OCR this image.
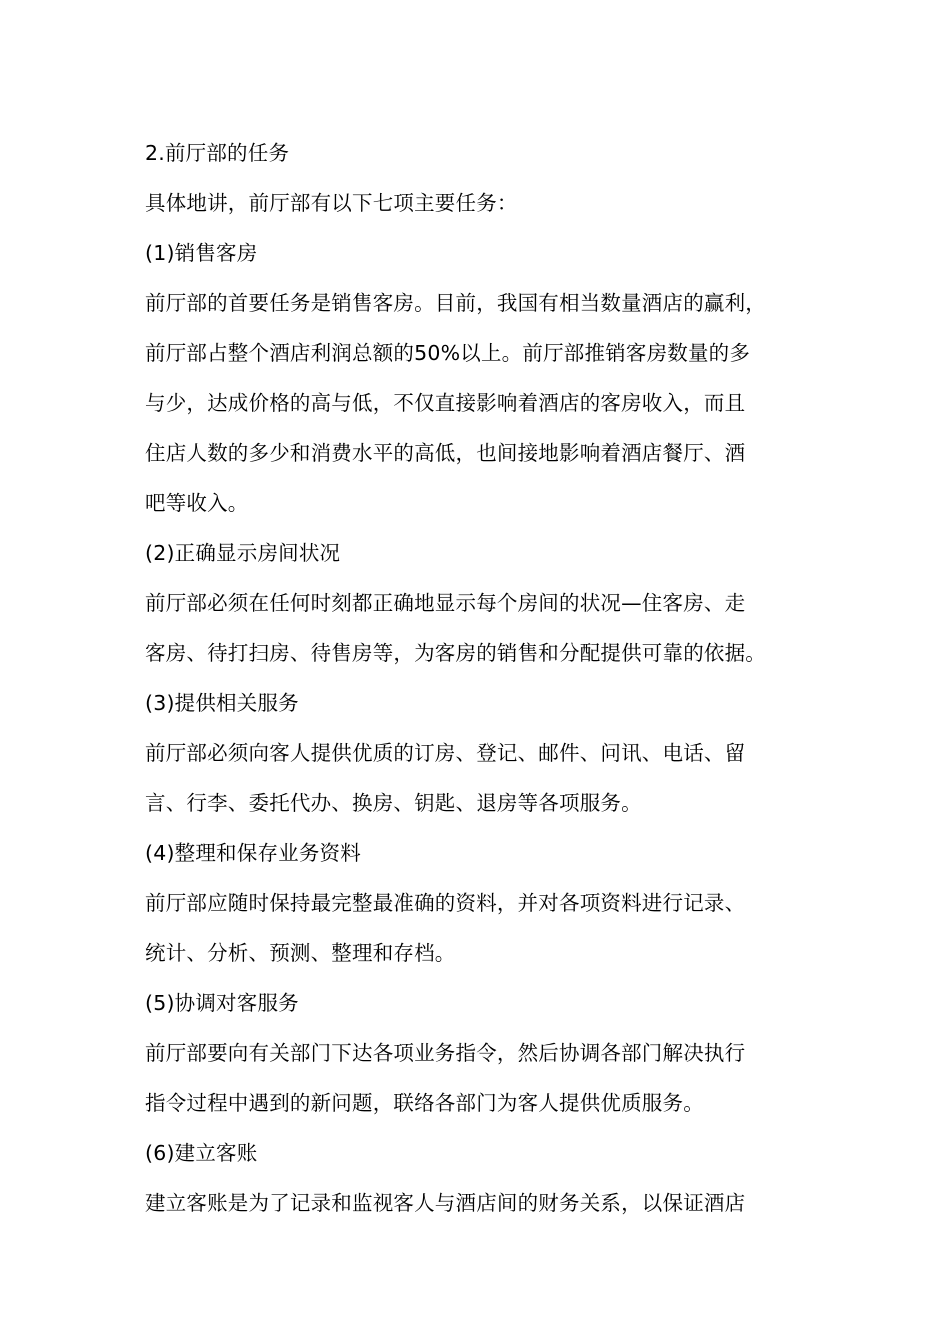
2.前厅部的任务
具体地讲，前厅部有以下七项主要任务：
(1)销售客房
前厅部的首要任务是销售客房。目前，我国有相当数量酒店的赢利，
前厅部占整个酒店利润总额的50%以上。前厅部推销客房数量的多
与少，达成价格的高与低，不仅直接影响着酒店的客房收入，而且
住店人数的多少和消费水平的高低，也间接地影响着酒店餐厅、酒
吧等收入。
(2)正确显示房间状况
前厅部必须在任何时刻都正确地显示每个房间的状况—住客房、走
客房、待打扫房、待售房等，为客房的销售和分配提供可靠的依据。
(3)提供相关服务
前厅部必须向客人提供优质的订房、登记、邮件、问讯、电话、留
言、行李、委托代办、换房、钥匙、退房等各项服务。
(4)整理和保存业务资料
前厅部应随时保持最完整最准确的资料，并对各项资料进行记录、
统计、分析、预测、整理和存档。
(5)协调对客服务
前厅部要向有关部门下达各项业务指令，然后协调各部门解决执行
指令过程中遇到的新问题，联络各部门为客人提供优质服务。
(6)建立客账
建立客账是为了记录和监视客人与酒店间的财务关系，以保证酒店
